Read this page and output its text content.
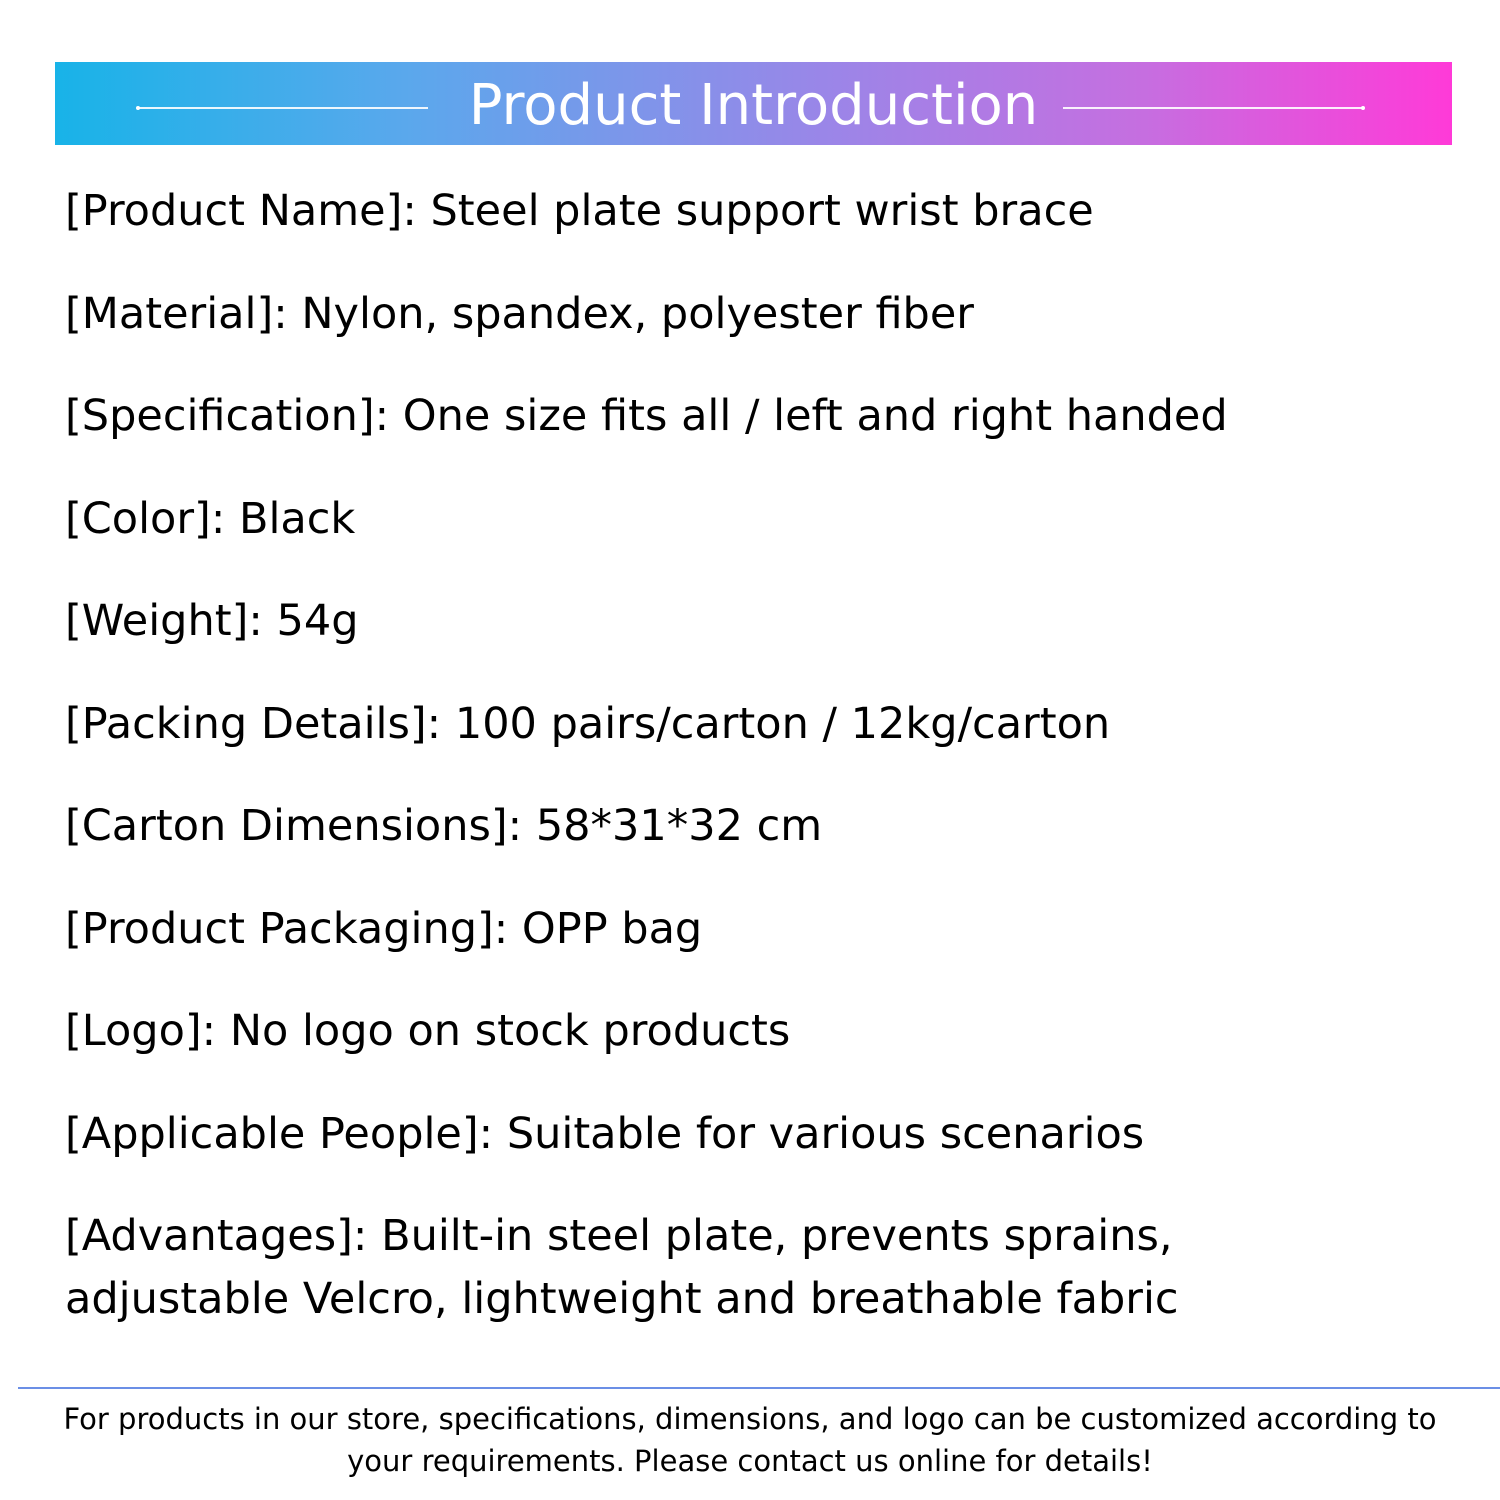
Product Introduction
[Product Name]: Steel plate support wrist brace
[Material]: Nylon, spandex, polyester fiber
[Specification]: One size fits all / left and right handed
[Color]: Black
[Weight]: 54g
[Packing Details]: 100 pairs/carton / 12kg/carton
[Carton Dimensions]: 58*31*32 cm
[Product Packaging]: OPP bag
[Logo]: No logo on stock products
[Applicable People]: Suitable for various scenarios
[Advantages]: Built-in steel plate, prevents sprains, adjustable Velcro, lightweight and breathable fabric
For products in our store, specifications, dimensions, and logo can be customized according to your requirements. Please contact us online for details!
